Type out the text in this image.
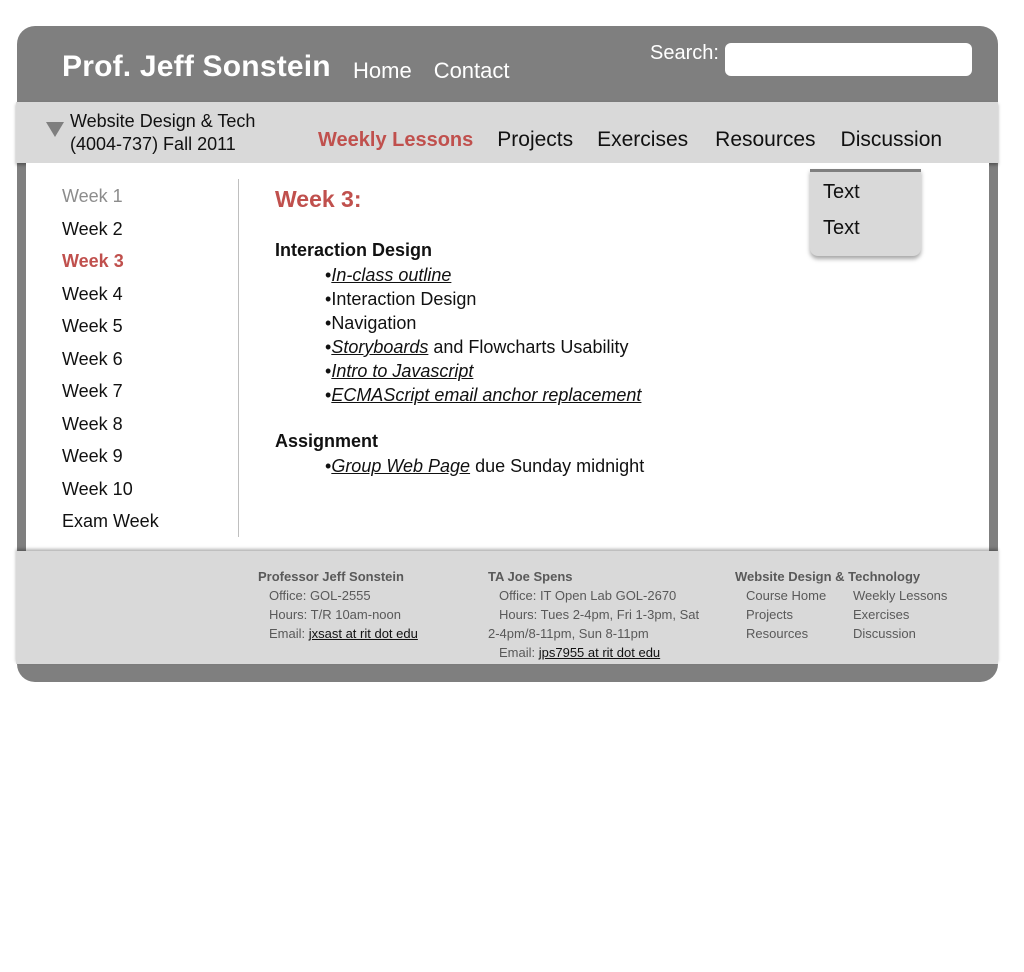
Prof. Jeff Sonstein Home Contact
Search:
Website Design & Tech
(4004-737) Fall 2011	Weekly Lessons Projects Exercises Resources Discussion
Week 1
Week 2
Week 3
Week 4
Week 5
Week 6
Week 7
Week 8
Week 9
Week 10
Exam Week
Week 3:
Interaction Design
•In-class outline
•Interaction Design
•Navigation
•Storyboards and Flowcharts Usability
•Intro to Javascript
•ECMAScript email anchor replacement
Assignment
•Group Web Page due Sunday midnight
Text
Text
Professor Jeff Sonstein
Office: GOL-2555
Hours: T/R 10am-noon
Email: jxsast at rit dot edu
TA Joe Spens
Office: IT Open Lab GOL-2670
Hours: Tues 2-4pm, Fri 1-3pm, Sat
2-4pm/8-11pm, Sun 8-11pm
Email: jps7955 at rit dot edu
Website Design & Technology
Course Home	Weekly Lessons
Projects	Exercises
Resources	Discussion
